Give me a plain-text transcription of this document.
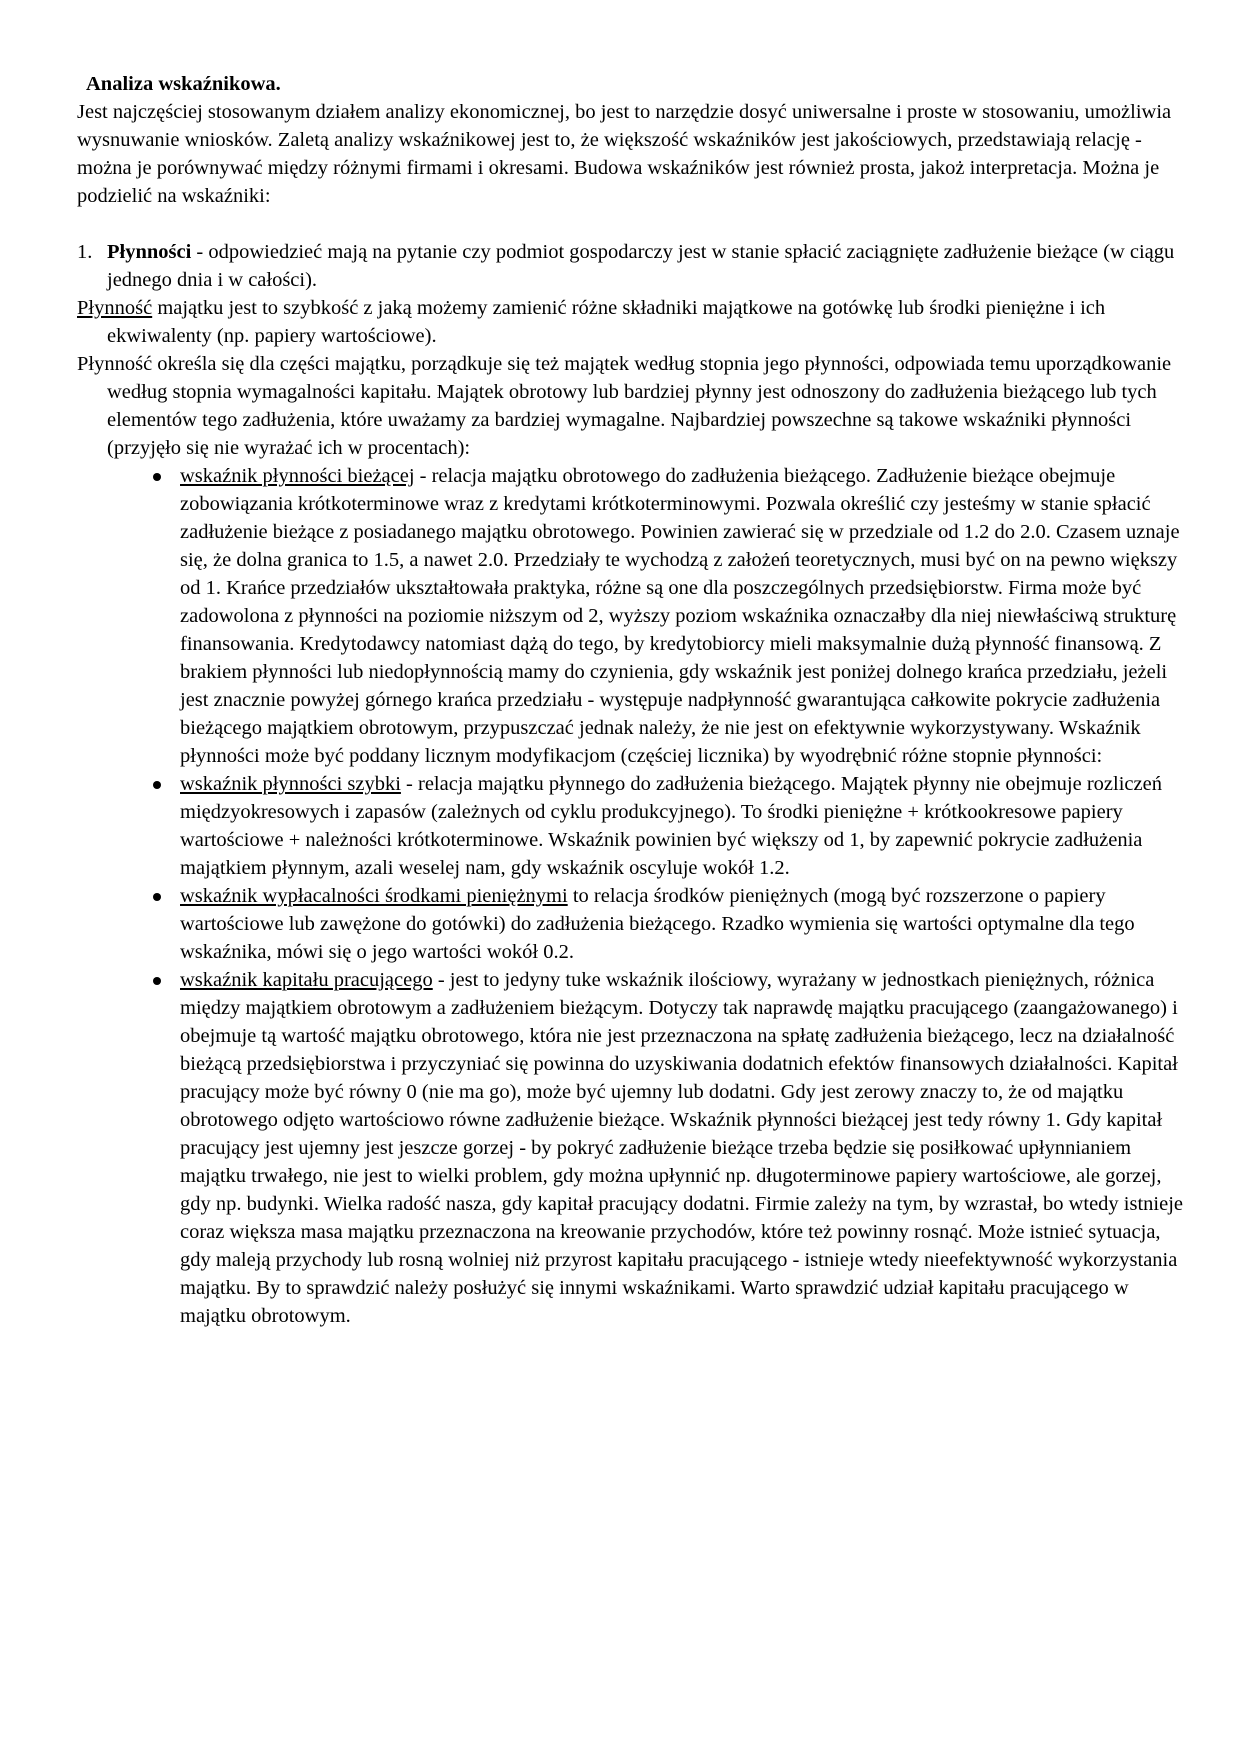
Analiza wskaźnikowa.

Jest najczęściej stosowanym działem analizy ekonomicznej, bo jest to narzędzie dosyć uniwersalne i proste w stosowaniu, umożliwia wysnuwanie wniosków. Zaletą analizy wskaźnikowej jest to, że większość wskaźników jest jakościowych, przedstawiają relację - można je porównywać między różnymi firmami i okresami. Budowa wskaźników jest również prosta, jakoż interpretacja. Można je podzielić na wskaźniki:

1. Płynności - odpowiedzieć mają na pytanie czy podmiot gospodarczy jest w stanie spłacić zaciągnięte zadłużenie bieżące (w ciągu jednego dnia i w całości).

Płynność majątku jest to szybkość z jaką możemy zamienić różne składniki majątkowe na gotówkę lub środki pieniężne i ich ekwiwalenty (np. papiery wartościowe).

Płynność określa się dla części majątku, porządkuje się też majątek według stopnia jego płynności, odpowiada temu uporządkowanie według stopnia wymagalności kapitału. Majątek obrotowy lub bardziej płynny jest odnoszony do zadłużenia bieżącego lub tych elementów tego zadłużenia, które uważamy za bardziej wymagalne. Najbardziej powszechne są takowe wskaźniki płynności (przyjęło się nie wyrażać ich w procentach):

wskaźnik płynności bieżącej - relacja majątku obrotowego do zadłużenia bieżącego. Zadłużenie bieżące obejmuje zobowiązania krótkoterminowe wraz z kredytami krótkoterminowymi. Pozwala określić czy jesteśmy w stanie spłacić zadłużenie bieżące z posiadanego majątku obrotowego. Powinien zawierać się w przedziale od 1.2 do 2.0. Czasem uznaje się, że dolna granica to 1.5, a nawet 2.0. Przedziały te wychodzą z założeń teoretycznych, musi być on na pewno większy od 1. Krańce przedziałów ukształtowała praktyka, różne są one dla poszczególnych przedsiębiorstw. Firma może być zadowolona z płynności na poziomie niższym od 2, wyższy poziom wskaźnika oznaczałby dla niej niewłaściwą strukturę finansowania. Kredytodawcy natomiast dążą do tego, by kredytobiorcy mieli maksymalnie dużą płynność finansową. Z brakiem płynności lub niedopłynnością mamy do czynienia, gdy wskaźnik jest poniżej dolnego krańca przedziału, jeżeli jest znacznie powyżej górnego krańca przedziału - występuje nadpłynność gwarantująca całkowite pokrycie zadłużenia bieżącego majątkiem obrotowym, przypuszczać jednak należy, że nie jest on efektywnie wykorzystywany. Wskaźnik płynności może być poddany licznym modyfikacjom (częściej licznika) by wyodrębnić różne stopnie płynności:
wskaźnik płynności szybki - relacja majątku płynnego do zadłużenia bieżącego. Majątek płynny nie obejmuje rozliczeń międzyokresowych i zapasów (zależnych od cyklu produkcyjnego). To środki pieniężne + krótkookresowe papiery wartościowe + należności krótkoterminowe. Wskaźnik powinien być większy od 1, by zapewnić pokrycie zadłużenia majątkiem płynnym, azali weselej nam, gdy wskaźnik oscyluje wokół 1.2.
wskaźnik wypłacalności środkami pieniężnymi to relacja środków pieniężnych (mogą być rozszerzone o papiery wartościowe lub zawężone do gotówki) do zadłużenia bieżącego. Rzadko wymienia się wartości optymalne dla tego wskaźnika, mówi się o jego wartości wokół 0.2.
wskaźnik kapitału pracującego - jest to jedyny tuke wskaźnik ilościowy, wyrażany w jednostkach pieniężnych, różnica między majątkiem obrotowym a zadłużeniem bieżącym. Dotyczy tak naprawdę majątku pracującego (zaangażowanego) i obejmuje tą wartość majątku obrotowego, która nie jest przeznaczona na spłatę zadłużenia bieżącego, lecz na działalność bieżącą przedsiębiorstwa i przyczyniać się powinna do uzyskiwania dodatnich efektów finansowych działalności. Kapitał pracujący może być równy 0 (nie ma go), może być ujemny lub dodatni. Gdy jest zerowy znaczy to, że od majątku obrotowego odjęto wartościowo równe zadłużenie bieżące. Wskaźnik płynności bieżącej jest tedy równy 1. Gdy kapitał pracujący jest ujemny jest jeszcze gorzej - by pokryć zadłużenie bieżące trzeba będzie się posiłkować upłynnianiem majątku trwałego, nie jest to wielki problem, gdy można upłynnić np. długoterminowe papiery wartościowe, ale gorzej, gdy np. budynki. Wielka radość nasza, gdy kapitał pracujący dodatni. Firmie zależy na tym, by wzrastał, bo wtedy istnieje coraz większa masa majątku przeznaczona na kreowanie przychodów, które też powinny rosnąć. Może istnieć sytuacja, gdy maleją przychody lub rosną wolniej niż przyrost kapitału pracującego - istnieje wtedy nieefektywność wykorzystania majątku. By to sprawdzić należy posłużyć się innymi wskaźnikami. Warto sprawdzić udział kapitału pracującego w majątku obrotowym.
